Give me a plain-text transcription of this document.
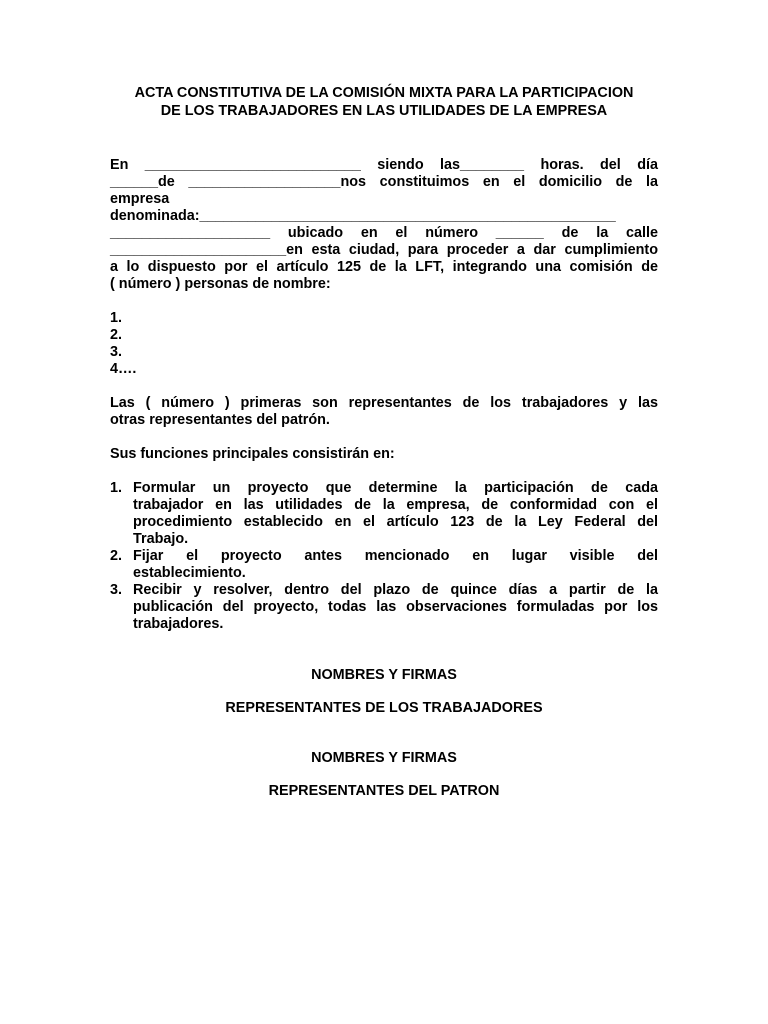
ACTA CONSTITUTIVA DE LA COMISIÓN MIXTA PARA LA PARTICIPACION
DE LOS TRABAJADORES EN LAS UTILIDADES DE LA EMPRESA
En ___________________________ siendo las________ horas. del día
______de ___________________nos constituimos en el domicilio de la
empresa
denominada:____________________________________________________
____________________ ubicado en el número ______ de la calle
______________________en esta ciudad, para proceder a dar cumplimiento
a lo dispuesto por el artículo 125 de la LFT, integrando una comisión de
( número ) personas de nombre:
1.
2.
3.
4….
Las ( número ) primeras son representantes de los trabajadores y las
otras representantes del patrón.
Sus funciones principales consistirán en:
1. Formular un proyecto que determine la participación de cada
trabajador en las utilidades de la empresa, de conformidad con el
procedimiento establecido en el artículo 123 de la Ley Federal del
Trabajo.
2. Fijar el proyecto antes mencionado en lugar visible del
establecimiento.
3. Recibir y resolver, dentro del plazo de quince días a partir de la
publicación del proyecto, todas las observaciones formuladas por los
trabajadores.
NOMBRES Y FIRMAS
REPRESENTANTES DE LOS TRABAJADORES
NOMBRES Y FIRMAS
REPRESENTANTES DEL PATRON
